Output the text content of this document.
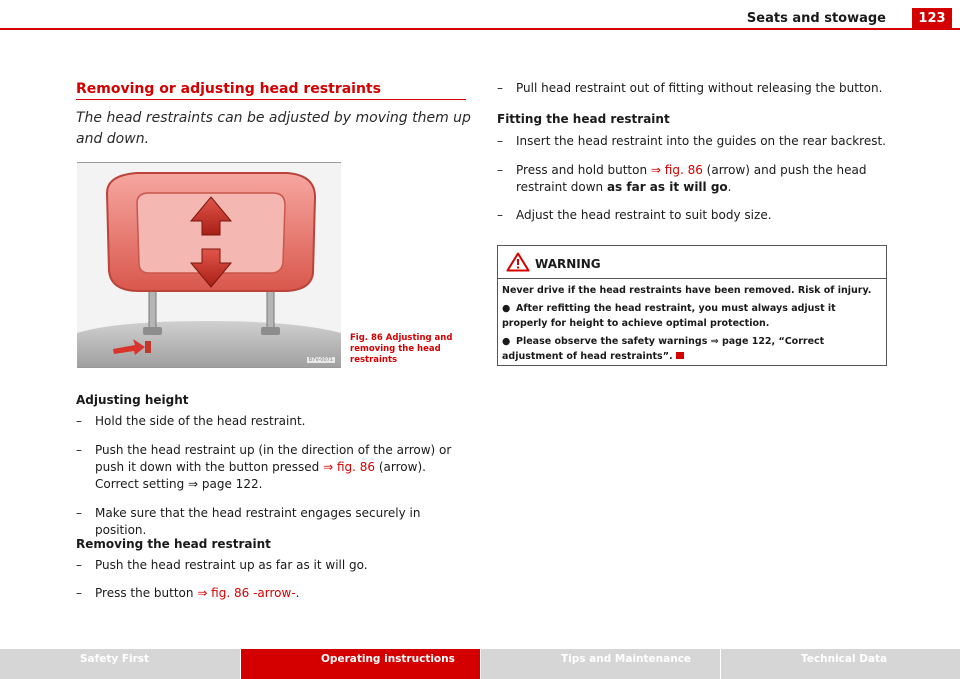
Seats and stowage	123
Removing or adjusting head restraints
The head restraints can be adjusted by moving them up and down.
B7V-0071
Fig. 86 Adjusting and removing the head restraints
Adjusting height
–	Hold the side of the head restraint.
–	Push the head restraint up (in the direction of the arrow) or push it down with the button pressed ⇒ fig. 86 (arrow). Correct setting ⇒ page 122.
–	Make sure that the head restraint engages securely in position.
Removing the head restraint
–	Push the head restraint up as far as it will go.
–	Press the button ⇒ fig. 86 -arrow-.
–	Pull head restraint out of fitting without releasing the button.
Fitting the head restraint
–	Insert the head restraint into the guides on the rear backrest.
–	Press and hold button ⇒ fig. 86 (arrow) and push the head restraint down as far as it will go.
–	Adjust the head restraint to suit body size.
WARNING

Never drive if the head restraints have been removed. Risk of injury.

● After refitting the head restraint, you must always adjust it properly for height to achieve optimal protection.

● Please observe the safety warnings ⇒ page 122, “Correct adjustment of head restraints”.

Safety First	Operating instructions	Tips and Maintenance	Technical Data
